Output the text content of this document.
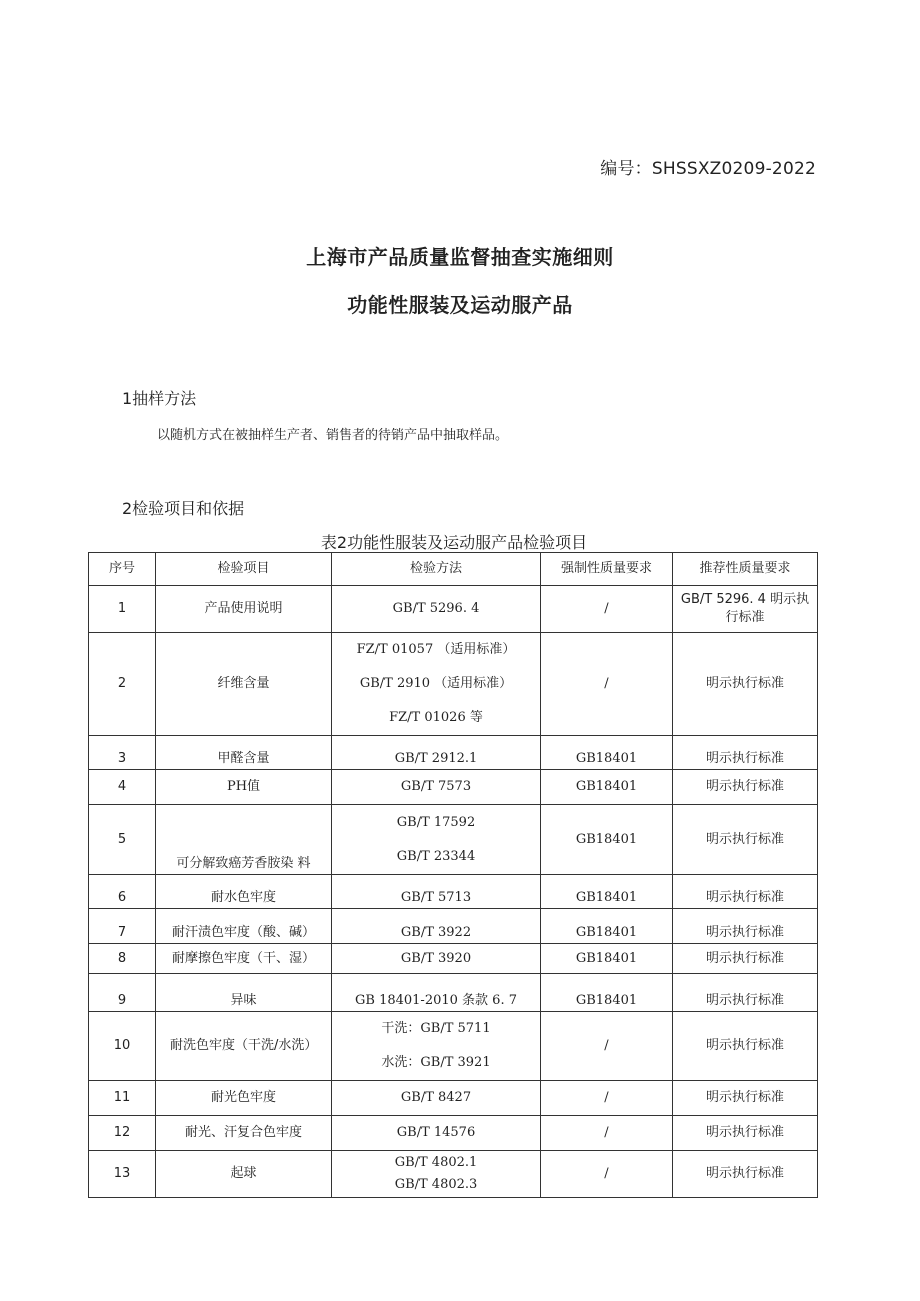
编号：SHSSXZ0209-2022
上海市产品质量监督抽查实施细则
功能性服装及运动服产品
1抽样方法
以随机方式在被抽样生产者、销售者的待销产品中抽取样品。
2检验项目和依据
表2功能性服装及运动服产品检验项目
序号	检验项目	检验方法	强制性质量要求	推荐性质量要求
1	产品使用说明	GB/T 5296. 4	/	GB/T 5296. 4 明示执行标准
2	纤维含量	FZ/T 01057 （适用标准）
GB/T 2910 （适用标准）
FZ/T 01026 等	/	明示执行标准
3	甲醛含量	GB/T 2912.1	GB18401	明示执行标准
4	PH值	GB/T 7573	GB18401	明示执行标准
5	可分解致癌芳香胺染 料	GB/T 17592
GB/T 23344	GB18401	明示执行标准
6	耐水色牢度	GB/T 5713	GB18401	明示执行标准
7	耐汗渍色牢度（酸、碱）	GB/T 3922	GB18401	明示执行标准
8	耐摩擦色牢度（干、湿）	GB/T 3920	GB18401	明示执行标准
9	异味	GB 18401-2010 条款 6. 7	GB18401	明示执行标准
10	耐洗色牢度（干洗/水洗）	干洗：GB/T 5711
水洗：GB/T 3921	/	明示执行标准
11	耐光色牢度	GB/T 8427	/	明示执行标准
12	耐光、汗复合色牢度	GB/T 14576	/	明示执行标准
13	起球	GB/T 4802.1
GB/T 4802.3	/	明示执行标准
